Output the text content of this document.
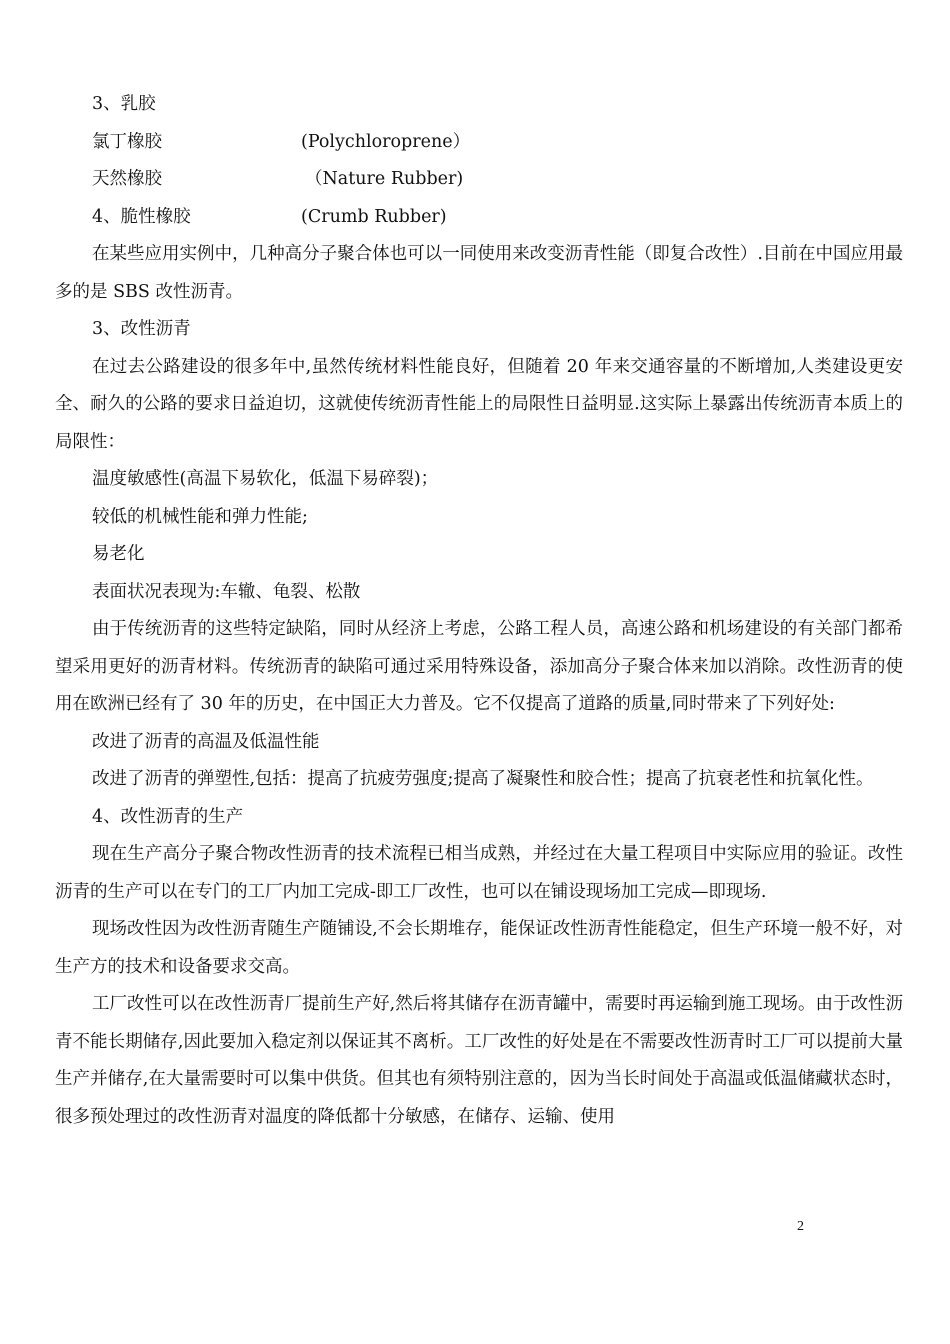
3、乳胶
氯丁橡胶	(Polychloroprene）
天然橡胶	（Nature Rubber)
4、脆性橡胶	(Crumb Rubber)
在某些应用实例中，几种高分子聚合体也可以一同使用来改变沥青性能（即复合改性）.目前在中国应用最多的是 SBS 改性沥青。
3、改性沥青
在过去公路建设的很多年中,虽然传统材料性能良好，但随着 20 年来交通容量的不断增加,人类建设更安全、耐久的公路的要求日益迫切，这就使传统沥青性能上的局限性日益明显.这实际上暴露出传统沥青本质上的局限性：
温度敏感性(高温下易软化，低温下易碎裂)；
较低的机械性能和弹力性能;
易老化
表面状况表现为:车辙、龟裂、松散
由于传统沥青的这些特定缺陷，同时从经济上考虑，公路工程人员，高速公路和机场建设的有关部门都希望采用更好的沥青材料。传统沥青的缺陷可通过采用特殊设备，添加高分子聚合体来加以消除。改性沥青的使用在欧洲已经有了 30 年的历史，在中国正大力普及。它不仅提高了道路的质量,同时带来了下列好处:
改进了沥青的高温及低温性能
改进了沥青的弹塑性,包括：提高了抗疲劳强度;提高了凝聚性和胶合性；提高了抗衰老性和抗氧化性。
4、改性沥青的生产
现在生产高分子聚合物改性沥青的技术流程已相当成熟，并经过在大量工程项目中实际应用的验证。改性沥青的生产可以在专门的工厂内加工完成-即工厂改性，也可以在铺设现场加工完成—即现场.
现场改性因为改性沥青随生产随铺设,不会长期堆存，能保证改性沥青性能稳定，但生产环境一般不好，对生产方的技术和设备要求交高。
工厂改性可以在改性沥青厂提前生产好,然后将其储存在沥青罐中，需要时再运输到施工现场。由于改性沥青不能长期储存,因此要加入稳定剂以保证其不离析。工厂改性的好处是在不需要改性沥青时工厂可以提前大量生产并储存,在大量需要时可以集中供货。但其也有须特别注意的，因为当长时间处于高温或低温储藏状态时，很多预处理过的改性沥青对温度的降低都十分敏感，在储存、运输、使用
2
